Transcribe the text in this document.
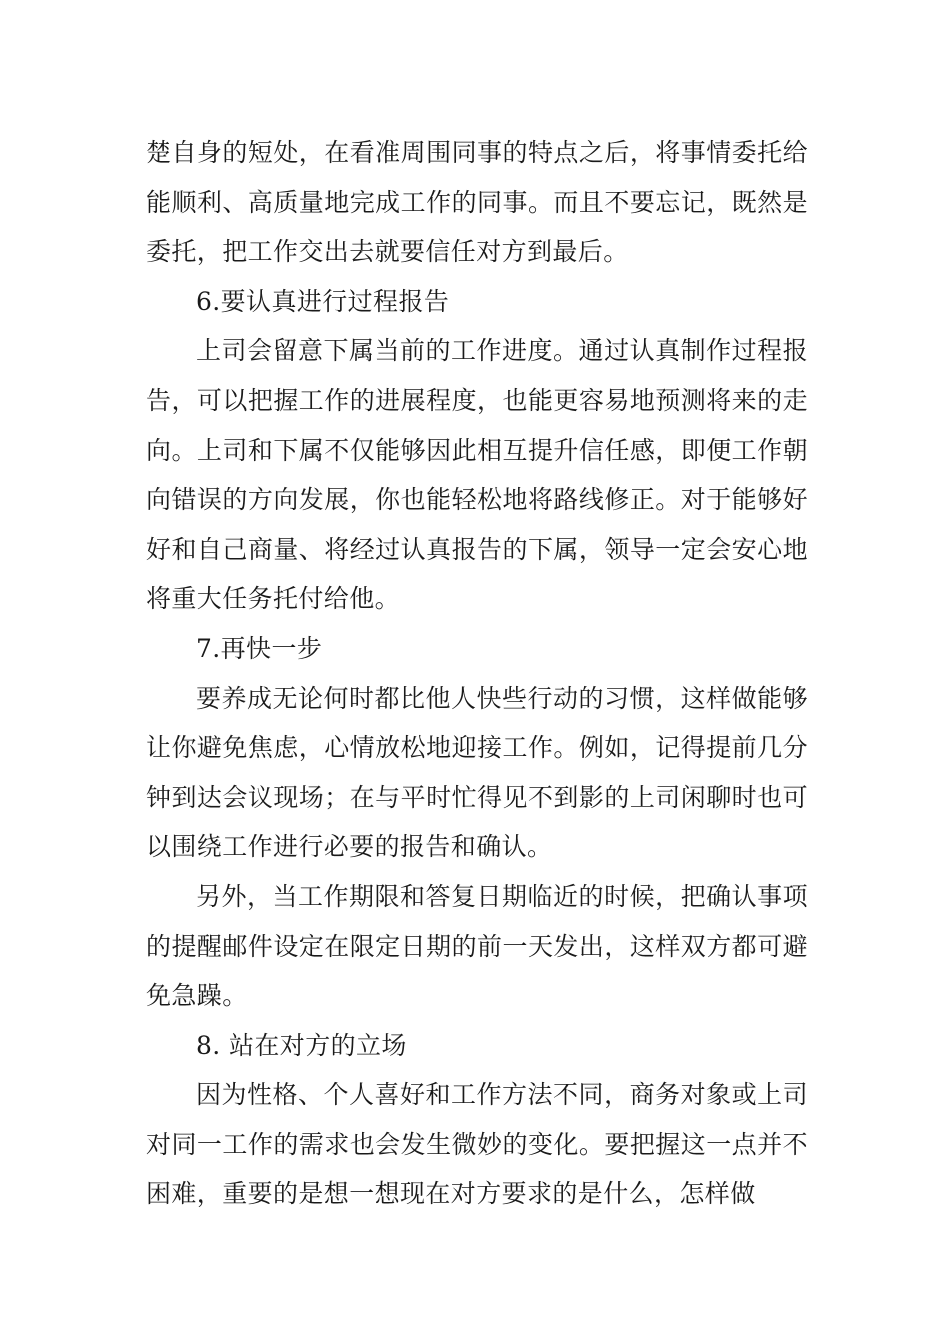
楚自身的短处，在看准周围同事的特点之后，将事情委托给能顺利、高质量地完成工作的同事。而且不要忘记，既然是委托，把工作交出去就要信任对方到最后。

6.要认真进行过程报告

上司会留意下属当前的工作进度。通过认真制作过程报告，可以把握工作的进展程度，也能更容易地预测将来的走向。上司和下属不仅能够因此相互提升信任感，即便工作朝向错误的方向发展，你也能轻松地将路线修正。对于能够好好和自己商量、将经过认真报告的下属，领导一定会安心地将重大任务托付给他。

7.再快一步

要养成无论何时都比他人快些行动的习惯，这样做能够让你避免焦虑，心情放松地迎接工作。例如，记得提前几分钟到达会议现场；在与平时忙得见不到影的上司闲聊时也可以围绕工作进行必要的报告和确认。

另外，当工作期限和答复日期临近的时候，把确认事项的提醒邮件设定在限定日期的前一天发出，这样双方都可避免急躁。

8. 站在对方的立场

因为性格、个人喜好和工作方法不同，商务对象或上司对同一工作的需求也会发生微妙的变化。要把握这一点并不困难，重要的是想一想现在对方要求的是什么，怎样做
